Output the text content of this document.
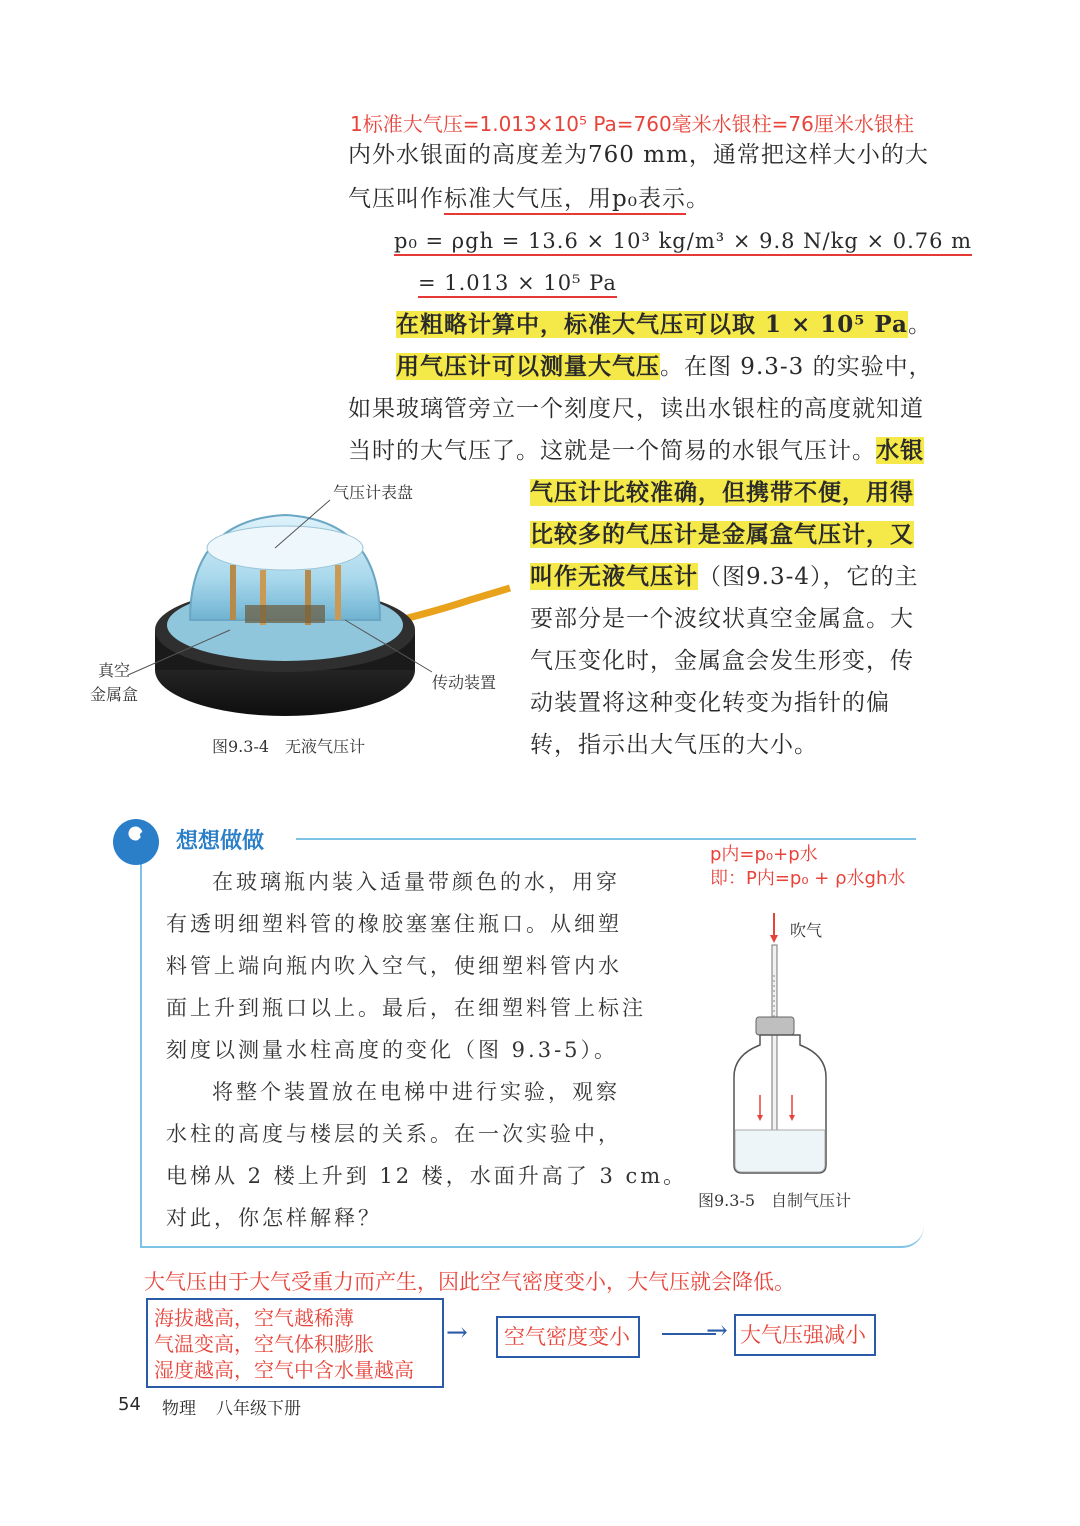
1标准大气压=1.013×10⁵ Pa=760毫米水银柱=76厘米水银柱
内外水银面的高度差为760 mm，通常把这样大小的大
气压叫作标准大气压，用p₀表示。
p₀ = ρgh = 13.6 × 10³ kg/m³ × 9.8 N/kg × 0.76 m
= 1.013 × 10⁵ Pa
在粗略计算中，标准大气压可以取 1 × 10⁵ Pa。
用气压计可以测量大气压。在图 9.3-3 的实验中，
如果玻璃管旁立一个刻度尺，读出水银柱的高度就知道
当时的大气压了。这就是一个简易的水银气压计。水银
气压计比较准确，但携带不便，用得
比较多的气压计是金属盒气压计，又
叫作无液气压计（图9.3-4），它的主
要部分是一个波纹状真空金属盒。大
气压变化时，金属盒会发生形变，传
动装置将这种变化转变为指针的偏
转，指示出大气压的大小。
气压计表盘
真空
金属盒
传动装置
图9.3-4　无液气压计
想想做做
在玻璃瓶内装入适量带颜色的水，用穿
有透明细塑料管的橡胶塞塞住瓶口。从细塑
料管上端向瓶内吹入空气，使细塑料管内水
面上升到瓶口以上。最后，在细塑料管上标注
刻度以测量水柱高度的变化（图 9.3-5）。
将整个装置放在电梯中进行实验，观察
水柱的高度与楼层的关系。在一次实验中，
电梯从 2 楼上升到 12 楼，水面升高了 3 cm。
对此，你怎样解释？
p内=p₀+p水
即：P内=p₀ + ρ水gh水
吹气
图9.3-5　自制气压计
大气压由于大气受重力而产生，因此空气密度变小，大气压就会降低。
海拔越高，空气越稀薄
气温变高，空气体积膨胀
湿度越高，空气中含水量越高
→ 空气密度变小	→ 大气压强减小
54 物理 八年级下册
